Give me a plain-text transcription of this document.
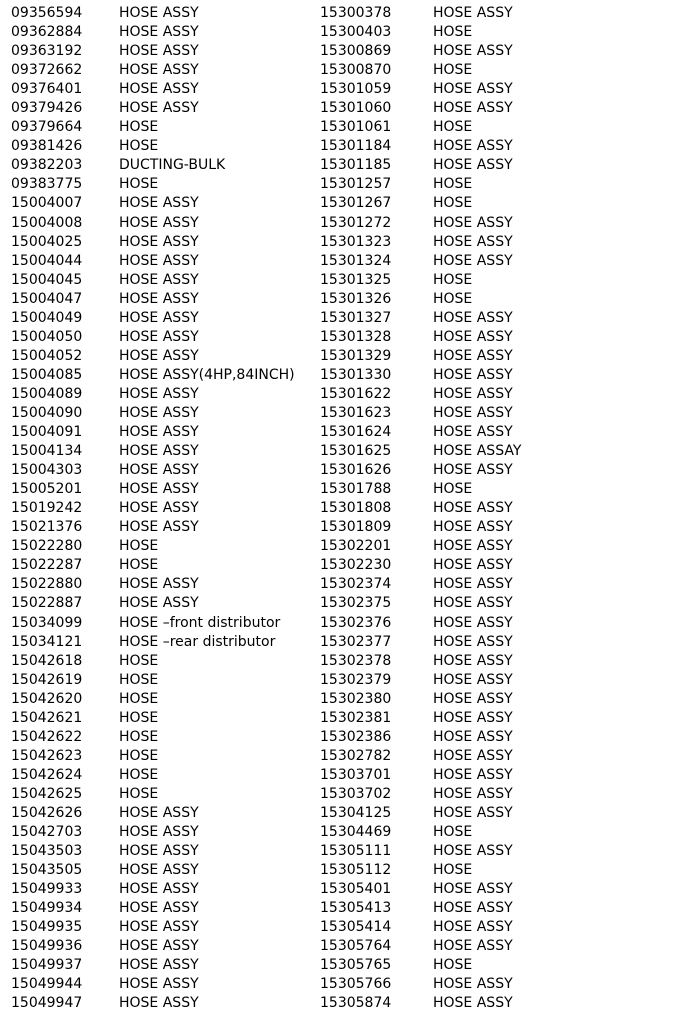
09356594	HOSE ASSY	15300378	HOSE ASSY
09362884	HOSE ASSY	15300403	HOSE
09363192	HOSE ASSY	15300869	HOSE ASSY
09372662	HOSE ASSY	15300870	HOSE
09376401	HOSE ASSY	15301059	HOSE ASSY
09379426	HOSE ASSY	15301060	HOSE ASSY
09379664	HOSE	15301061	HOSE
09381426	HOSE	15301184	HOSE ASSY
09382203	DUCTING-BULK	15301185	HOSE ASSY
09383775	HOSE	15301257	HOSE
15004007	HOSE ASSY	15301267	HOSE
15004008	HOSE ASSY	15301272	HOSE ASSY
15004025	HOSE ASSY	15301323	HOSE ASSY
15004044	HOSE ASSY	15301324	HOSE ASSY
15004045	HOSE ASSY	15301325	HOSE
15004047	HOSE ASSY	15301326	HOSE
15004049	HOSE ASSY	15301327	HOSE ASSY
15004050	HOSE ASSY	15301328	HOSE ASSY
15004052	HOSE ASSY	15301329	HOSE ASSY
15004085	HOSE ASSY(4HP,84INCH) 15301330	HOSE ASSY
15004089	HOSE ASSY	15301622	HOSE ASSY
15004090	HOSE ASSY	15301623	HOSE ASSY
15004091	HOSE ASSY	15301624	HOSE ASSY
15004134	HOSE ASSY	15301625	HOSE ASSAY
15004303	HOSE ASSY	15301626	HOSE ASSY
15005201	HOSE ASSY	15301788	HOSE
15019242	HOSE ASSY	15301808	HOSE ASSY
15021376	HOSE ASSY	15301809	HOSE ASSY
15022280	HOSE	15302201	HOSE ASSY
15022287	HOSE	15302230	HOSE ASSY
15022880	HOSE ASSY	15302374	HOSE ASSY
15022887	HOSE ASSY	15302375	HOSE ASSY
15034099	HOSE –front distributor	15302376	HOSE ASSY
15034121	HOSE –rear distributor	15302377	HOSE ASSY
15042618	HOSE	15302378	HOSE ASSY
15042619	HOSE	15302379	HOSE ASSY
15042620	HOSE	15302380	HOSE ASSY
15042621	HOSE	15302381	HOSE ASSY
15042622	HOSE	15302386	HOSE ASSY
15042623	HOSE	15302782	HOSE ASSY
15042624	HOSE	15303701	HOSE ASSY
15042625	HOSE	15303702	HOSE ASSY
15042626	HOSE ASSY	15304125	HOSE ASSY
15042703	HOSE ASSY	15304469	HOSE
15043503	HOSE ASSY	15305111	HOSE ASSY
15043505	HOSE ASSY	15305112	HOSE
15049933	HOSE ASSY	15305401	HOSE ASSY
15049934	HOSE ASSY	15305413	HOSE ASSY
15049935	HOSE ASSY	15305414	HOSE ASSY
15049936	HOSE ASSY	15305764	HOSE ASSY
15049937	HOSE ASSY	15305765	HOSE
15049944	HOSE ASSY	15305766	HOSE ASSY
15049947	HOSE ASSY	15305874	HOSE ASSY
